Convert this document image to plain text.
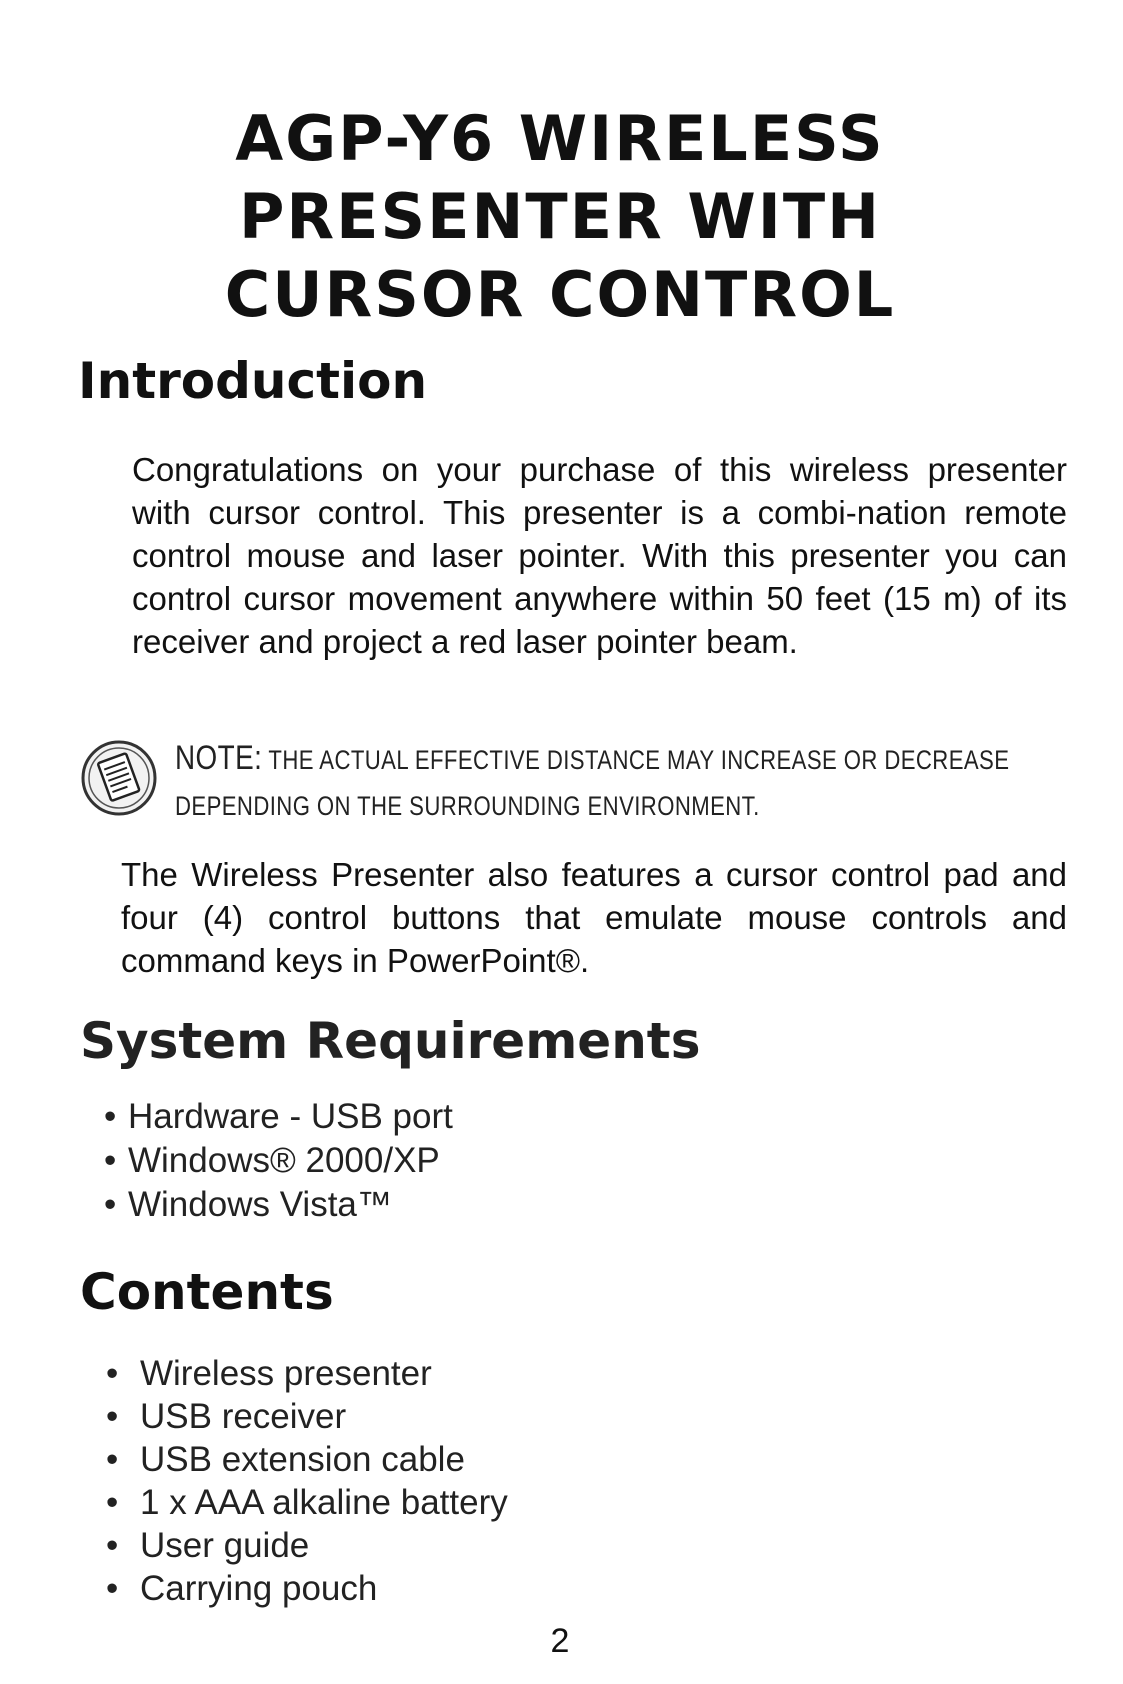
AGP-Y6 WIRELESS
PRESENTER WITH
CURSOR CONTROL
Introduction
Congratulations on your purchase of this wireless presenter with cursor control. This presenter is a combi-nation remote control mouse and laser pointer. With this presenter you can control cursor movement anywhere within 50 feet (15 m) of its receiver and project a red laser pointer beam.
NOTE: THE ACTUAL EFFECTIVE DISTANCE MAY INCREASE OR DECREASE DEPENDING ON THE SURROUNDING ENVIRONMENT.
The Wireless Presenter also features a cursor control pad and four (4) control buttons that emulate mouse controls and command keys in PowerPoint®.
System Requirements
• Hardware - USB port
• Windows® 2000/XP
• Windows Vista™
Contents
• Wireless presenter
• USB receiver
• USB extension cable
• 1 x AAA alkaline battery
• User guide
• Carrying pouch
2
